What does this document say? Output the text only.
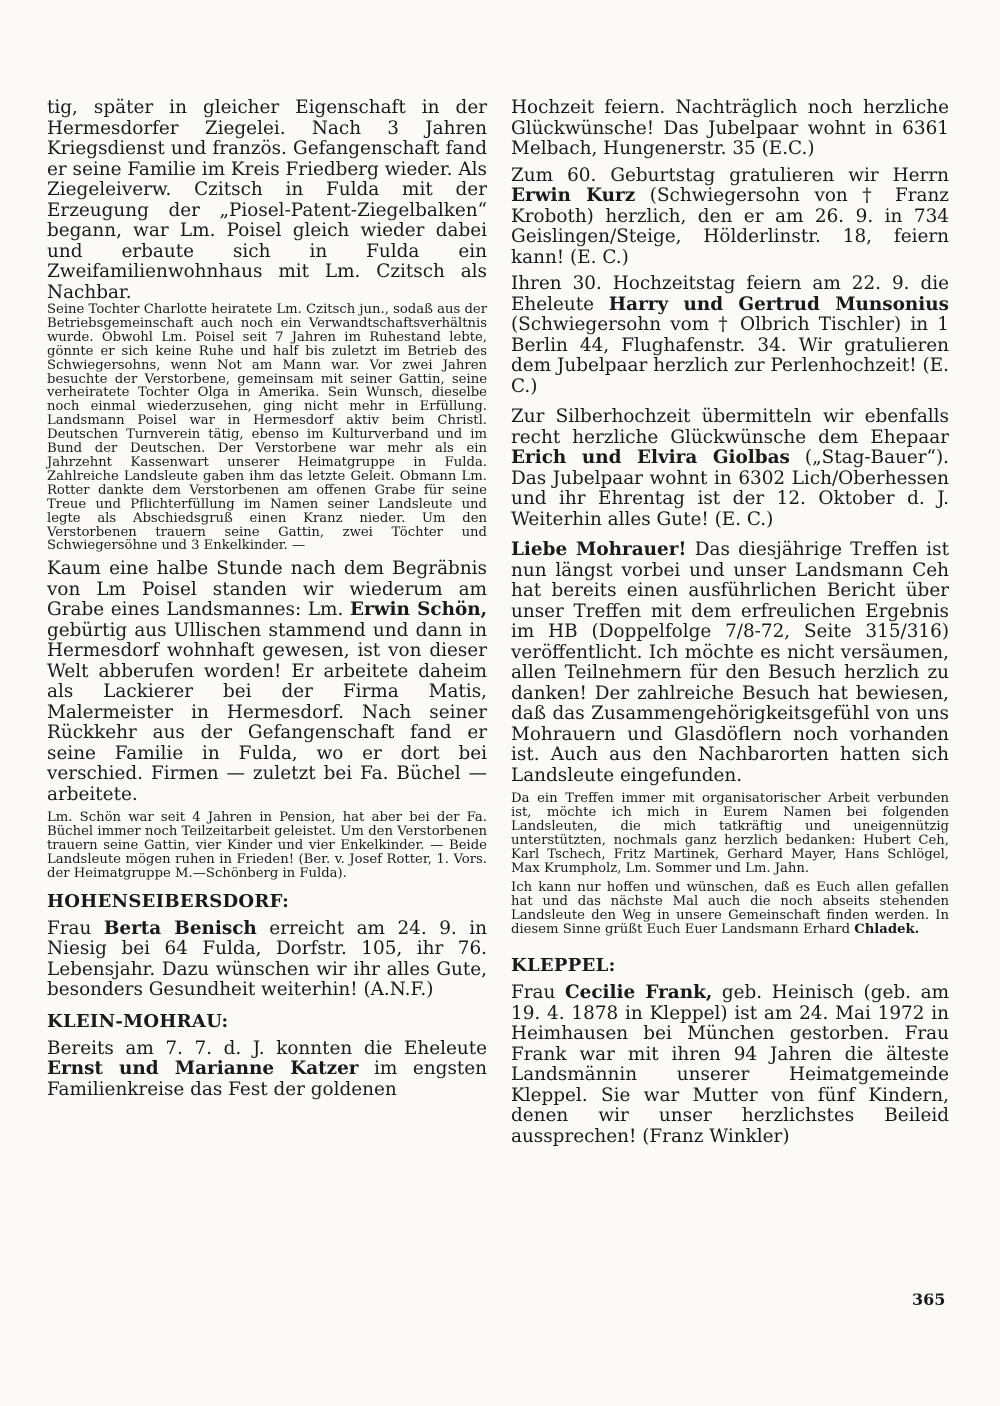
tig, später in gleicher Eigenschaft in der Hermesdorfer Ziegelei. Nach 3 Jahren Kriegsdienst und französ. Gefangenschaft fand er seine Familie im Kreis Friedberg wieder. Als Ziegeleiverw. Czitsch in Fulda mit der Erzeugung der „Piosel-Patent-Ziegelbalken“ begann, war Lm. Poisel gleich wieder dabei und erbaute sich in Fulda ein Zweifamilienwohnhaus mit Lm. Czitsch als Nachbar.

Seine Tochter Charlotte heiratete Lm. Czitsch jun., sodaß aus der Betriebsgemeinschaft auch noch ein Verwandtschaftsverhältnis wurde. Obwohl Lm. Poisel seit 7 Jahren im Ruhestand lebte, gönnte er sich keine Ruhe und half bis zuletzt im Betrieb des Schwiegersohns, wenn Not am Mann war. Vor zwei Jahren besuchte der Verstorbene, gemeinsam mit seiner Gattin, seine verheiratete Tochter Olga in Amerika. Sein Wunsch, dieselbe noch einmal wiederzusehen, ging nicht mehr in Erfüllung. Landsmann Poisel war in Hermesdorf aktiv beim Christl. Deutschen Turnverein tätig, ebenso im Kulturverband und im Bund der Deutschen. Der Verstorbene war mehr als ein Jahrzehnt Kassenwart unserer Heimatgruppe in Fulda. Zahlreiche Landsleute gaben ihm das letzte Geleit. Obmann Lm. Rotter dankte dem Verstorbenen am offenen Grabe für seine Treue und Pflichterfüllung im Namen seiner Landsleute und legte als Abschiedsgruß einen Kranz nieder. Um den Verstorbenen trauern seine Gattin, zwei Töchter und Schwiegersöhne und 3 Enkelkinder. —

Kaum eine halbe Stunde nach dem Begräbnis von Lm Poisel standen wir wiederum am Grabe eines Landsmannes: Lm. Erwin Schön, gebürtig aus Ullischen stammend und dann in Hermesdorf wohnhaft gewesen, ist von dieser Welt abberufen worden! Er arbeitete daheim als Lackierer bei der Firma Matis, Malermeister in Hermesdorf. Nach seiner Rückkehr aus der Gefangenschaft fand er seine Familie in Fulda, wo er dort bei verschied. Firmen — zuletzt bei Fa. Büchel — arbeitete.

Lm. Schön war seit 4 Jahren in Pension, hat aber bei der Fa. Büchel immer noch Teilzeitarbeit geleistet. Um den Verstorbenen trauern seine Gattin, vier Kinder und vier Enkelkinder. — Beide Landsleute mögen ruhen in Frieden! (Ber. v. Josef Rotter, 1. Vors. der Heimatgruppe M.—Schönberg in Fulda).

HOHENSEIBERSDORF:

Frau Berta Benisch erreicht am 24. 9. in Niesig bei 64 Fulda, Dorfstr. 105, ihr 76. Lebensjahr. Dazu wünschen wir ihr alles Gute, besonders Gesundheit weiterhin! (A.N.F.)

KLEIN-MOHRAU:

Bereits am 7. 7. d. J. konnten die Eheleute Ernst und Marianne Katzer im engsten Familienkreise das Fest der goldenen

Hochzeit feiern. Nachträglich noch herzliche Glückwünsche! Das Jubelpaar wohnt in 6361 Melbach, Hungenerstr. 35 (E.C.)

Zum 60. Geburtstag gratulieren wir Herrn Erwin Kurz (Schwiegersohn von † Franz Kroboth) herzlich, den er am 26. 9. in 734 Geislingen/Steige, Hölderlinstr. 18, feiern kann! (E. C.)

Ihren 30. Hochzeitstag feiern am 22. 9. die Eheleute Harry und Gertrud Munsonius (Schwiegersohn vom † Olbrich Tischler) in 1 Berlin 44, Flughafenstr. 34. Wir gratulieren dem Jubelpaar herzlich zur Perlenhochzeit! (E. C.)

Zur Silberhochzeit übermitteln wir ebenfalls recht herzliche Glückwünsche dem Ehepaar Erich und Elvira Giolbas („Stag-Bauer“). Das Jubelpaar wohnt in 6302 Lich/Oberhessen und ihr Ehrentag ist der 12. Oktober d. J. Weiterhin alles Gute! (E. C.)

Liebe Mohrauer! Das diesjährige Treffen ist nun längst vorbei und unser Landsmann Ceh hat bereits einen ausführlichen Bericht über unser Treffen mit dem erfreulichen Ergebnis im HB (Doppelfolge 7/8-72, Seite 315/316) veröffentlicht. Ich möchte es nicht versäumen, allen Teilnehmern für den Besuch herzlich zu danken! Der zahlreiche Besuch hat bewiesen, daß das Zusammengehörigkeitsgefühl von uns Mohrauern und Glasdöflern noch vorhanden ist. Auch aus den Nachbarorten hatten sich Landsleute eingefunden.

Da ein Treffen immer mit organisatorischer Arbeit verbunden ist, möchte ich mich in Eurem Namen bei folgenden Landsleuten, die mich tatkräftig und uneigennützig unterstützten, nochmals ganz herzlich bedanken: Hubert Ceh, Karl Tschech, Fritz Martinek, Gerhard Mayer, Hans Schlögel, Max Krumpholz, Lm. Sommer und Lm. Jahn.

Ich kann nur hoffen und wünschen, daß es Euch allen gefallen hat und das nächste Mal auch die noch abseits stehenden Landsleute den Weg in unsere Gemeinschaft finden werden. In diesem Sinne grüßt Euch Euer Landsmann Erhard Chladek.

KLEPPEL:

Frau Cecilie Frank, geb. Heinisch (geb. am 19. 4. 1878 in Kleppel) ist am 24. Mai 1972 in Heimhausen bei München gestorben. Frau Frank war mit ihren 94 Jahren die älteste Landsmännin unserer Heimatgemeinde Kleppel. Sie war Mutter von fünf Kindern, denen wir unser herzlichstes Beileid aussprechen! (Franz Winkler)

365
